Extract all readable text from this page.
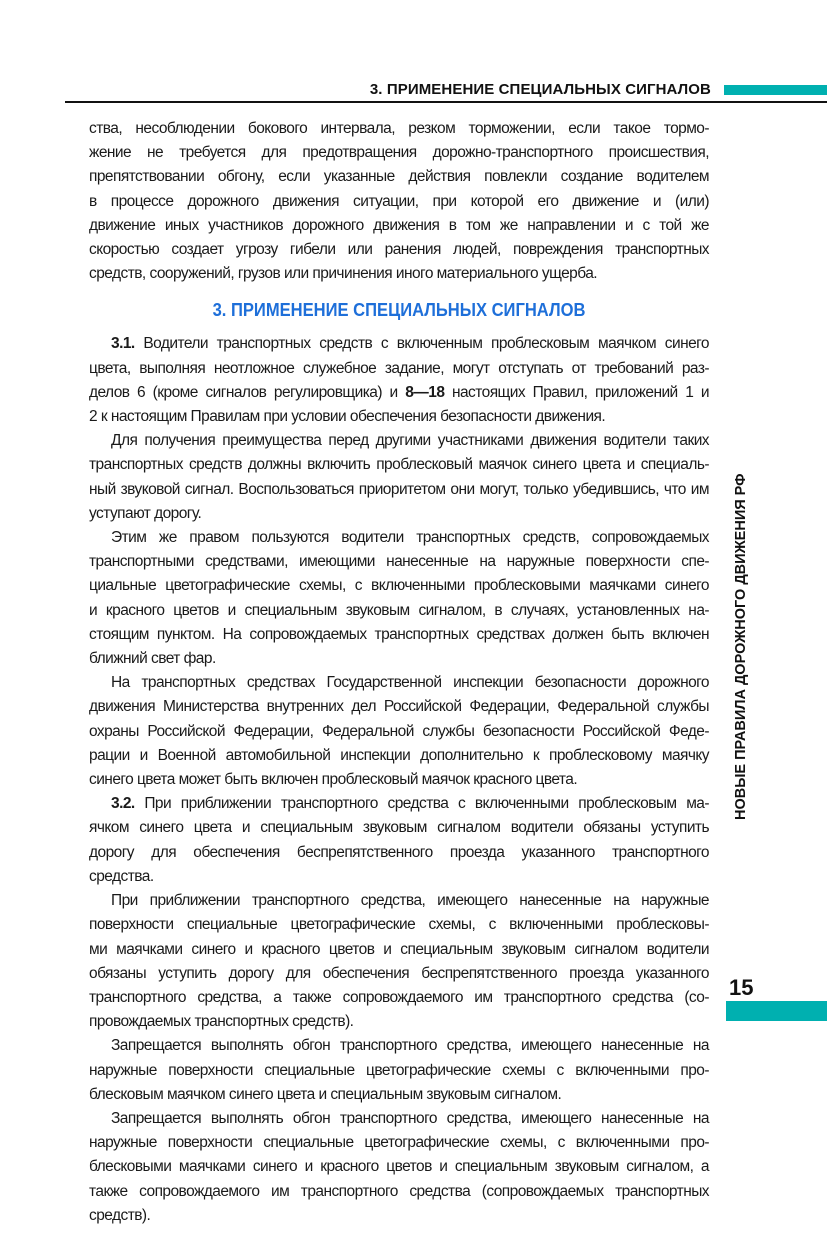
3. ПРИМЕНЕНИЕ СПЕЦИАЛЬНЫХ СИГНАЛОВ
ства, несоблюдении бокового интервала, резком торможении, если такое тормо-
жение не требуется для предотвращения дорожно-транспортного происшествия,
препятствовании обгону, если указанные действия повлекли создание водителем
в процессе дорожного движения ситуации, при которой его движение и (или)
движение иных участников дорожного движения в том же направлении и с той же
скоростью создает угрозу гибели или ранения людей, повреждения транспортных
средств, сооружений, грузов или причинения иного материального ущерба.
3. ПРИМЕНЕНИЕ СПЕЦИАЛЬНЫХ СИГНАЛОВ
3.1. Водители транспортных средств с включенным проблесковым маячком синего
цвета, выполняя неотложное служебное задание, могут отступать от требований раз-
делов 6 (кроме сигналов регулировщика) и 8—18 настоящих Правил, приложений 1 и
2 к настоящим Правилам при условии обеспечения безопасности движения.
Для получения преимущества перед другими участниками движения водители таких
транспортных средств должны включить проблесковый маячок синего цвета и специаль-
ный звуковой сигнал. Воспользоваться приоритетом они могут, только убедившись, что им
уступают дорогу.
Этим же правом пользуются водители транспортных средств, сопровождаемых
транспортными средствами, имеющими нанесенные на наружные поверхности спе-
циальные цветографические схемы, с включенными проблесковыми маячками синего
и красного цветов и специальным звуковым сигналом, в случаях, установленных на-
стоящим пунктом. На сопровождаемых транспортных средствах должен быть включен
ближний свет фар.
На транспортных средствах Государственной инспекции безопасности дорожного
движения Министерства внутренних дел Российской Федерации, Федеральной службы
охраны Российской Федерации, Федеральной службы безопасности Российской Феде-
рации и Военной автомобильной инспекции дополнительно к проблесковому маячку
синего цвета может быть включен проблесковый маячок красного цвета.
3.2. При приближении транспортного средства с включенными проблесковым ма-
ячком синего цвета и специальным звуковым сигналом водители обязаны уступить
дорогу для обеспечения беспрепятственного проезда указанного транспортного
средства.
При приближении транспортного средства, имеющего нанесенные на наружные
поверхности специальные цветографические схемы, с включенными проблесковы-
ми маячками синего и красного цветов и специальным звуковым сигналом водители
обязаны уступить дорогу для обеспечения беспрепятственного проезда указанного
транспортного средства, а также сопровождаемого им транспортного средства (со-
провождаемых транспортных средств).
Запрещается выполнять обгон транспортного средства, имеющего нанесенные на
наружные поверхности специальные цветографические схемы с включенными про-
блесковым маячком синего цвета и специальным звуковым сигналом.
Запрещается выполнять обгон транспортного средства, имеющего нанесенные на
наружные поверхности специальные цветографические схемы, с включенными про-
блесковыми маячками синего и красного цветов и специальным звуковым сигналом, а
также сопровождаемого им транспортного средства (сопровождаемых транспортных
средств).
НОВЫЕ ПРАВИЛА ДОРОЖНОГО ДВИЖЕНИЯ РФ
15
